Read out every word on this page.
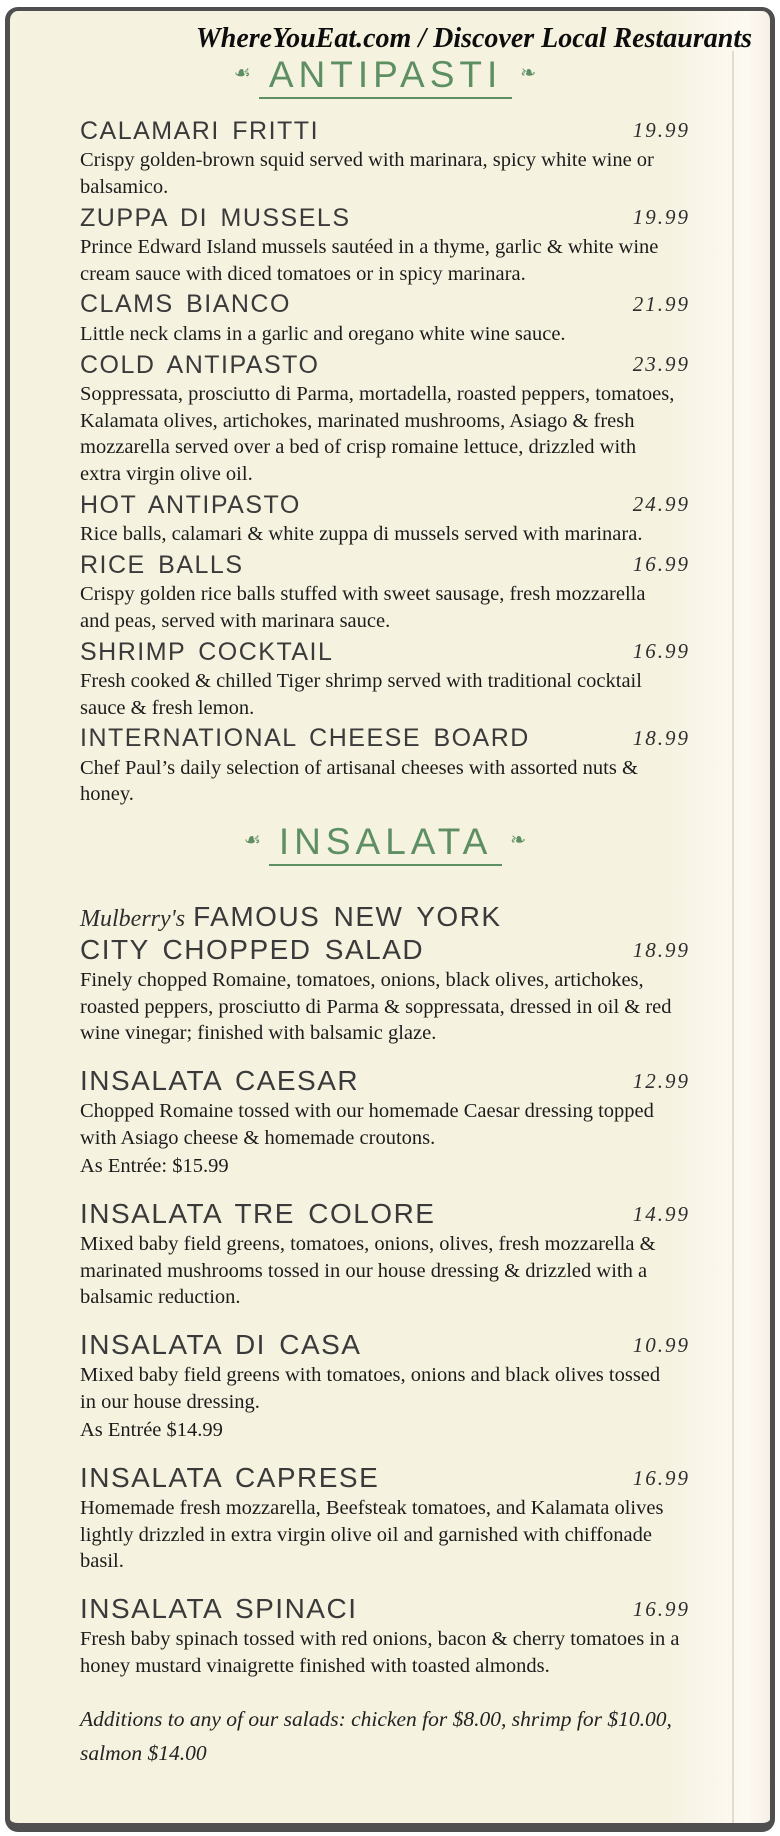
WhereYouEat.com / Discover Local Restaurants
☙ ANTIPASTI ❧
CALAMARI FRITTI	19.99

Crispy golden-brown squid served with marinara, spicy white wine or balsamico.

ZUPPA DI MUSSELS	19.99

Prince Edward Island mussels sautéed in a thyme, garlic & white wine cream sauce with diced tomatoes or in spicy marinara.

CLAMS BIANCO	21.99

Little neck clams in a garlic and oregano white wine sauce.

COLD ANTIPASTO	23.99

Soppressata, prosciutto di Parma, mortadella, roasted peppers, tomatoes, Kalamata olives, artichokes, marinated mushrooms, Asiago & fresh mozzarella served over a bed of crisp romaine lettuce, drizzled with extra virgin olive oil.

HOT ANTIPASTO	24.99

Rice balls, calamari & white zuppa di mussels served with marinara.

RICE BALLS	16.99

Crispy golden rice balls stuffed with sweet sausage, fresh mozzarella and peas, served with marinara sauce.

SHRIMP COCKTAIL	16.99

Fresh cooked & chilled Tiger shrimp served with traditional cocktail sauce & fresh lemon.

INTERNATIONAL CHEESE BOARD	18.99

Chef Paul’s daily selection of artisanal cheeses with assorted nuts & honey.

☙ INSALATA ❧
Mulberry's FAMOUS NEW YORK CITY CHOPPED SALAD	18.99

Finely chopped Romaine, tomatoes, onions, black olives, artichokes, roasted peppers, prosciutto di Parma & soppressata, dressed in oil & red wine vinegar; finished with balsamic glaze.

INSALATA CAESAR	12.99

Chopped Romaine tossed with our homemade Caesar dressing topped with Asiago cheese & homemade croutons.

As Entrée: $15.99

INSALATA TRE COLORE	14.99

Mixed baby field greens, tomatoes, onions, olives, fresh mozzarella & marinated mushrooms tossed in our house dressing & drizzled with a balsamic reduction.

INSALATA DI CASA	10.99

Mixed baby field greens with tomatoes, onions and black olives tossed in our house dressing.

As Entrée $14.99

INSALATA CAPRESE	16.99

Homemade fresh mozzarella, Beefsteak tomatoes, and Kalamata olives lightly drizzled in extra virgin olive oil and garnished with chiffonade basil.

INSALATA SPINACI	16.99

Fresh baby spinach tossed with red onions, bacon & cherry tomatoes in a honey mustard vinaigrette finished with toasted almonds.

Additions to any of our salads: chicken for $8.00, shrimp for $10.00, salmon $14.00
